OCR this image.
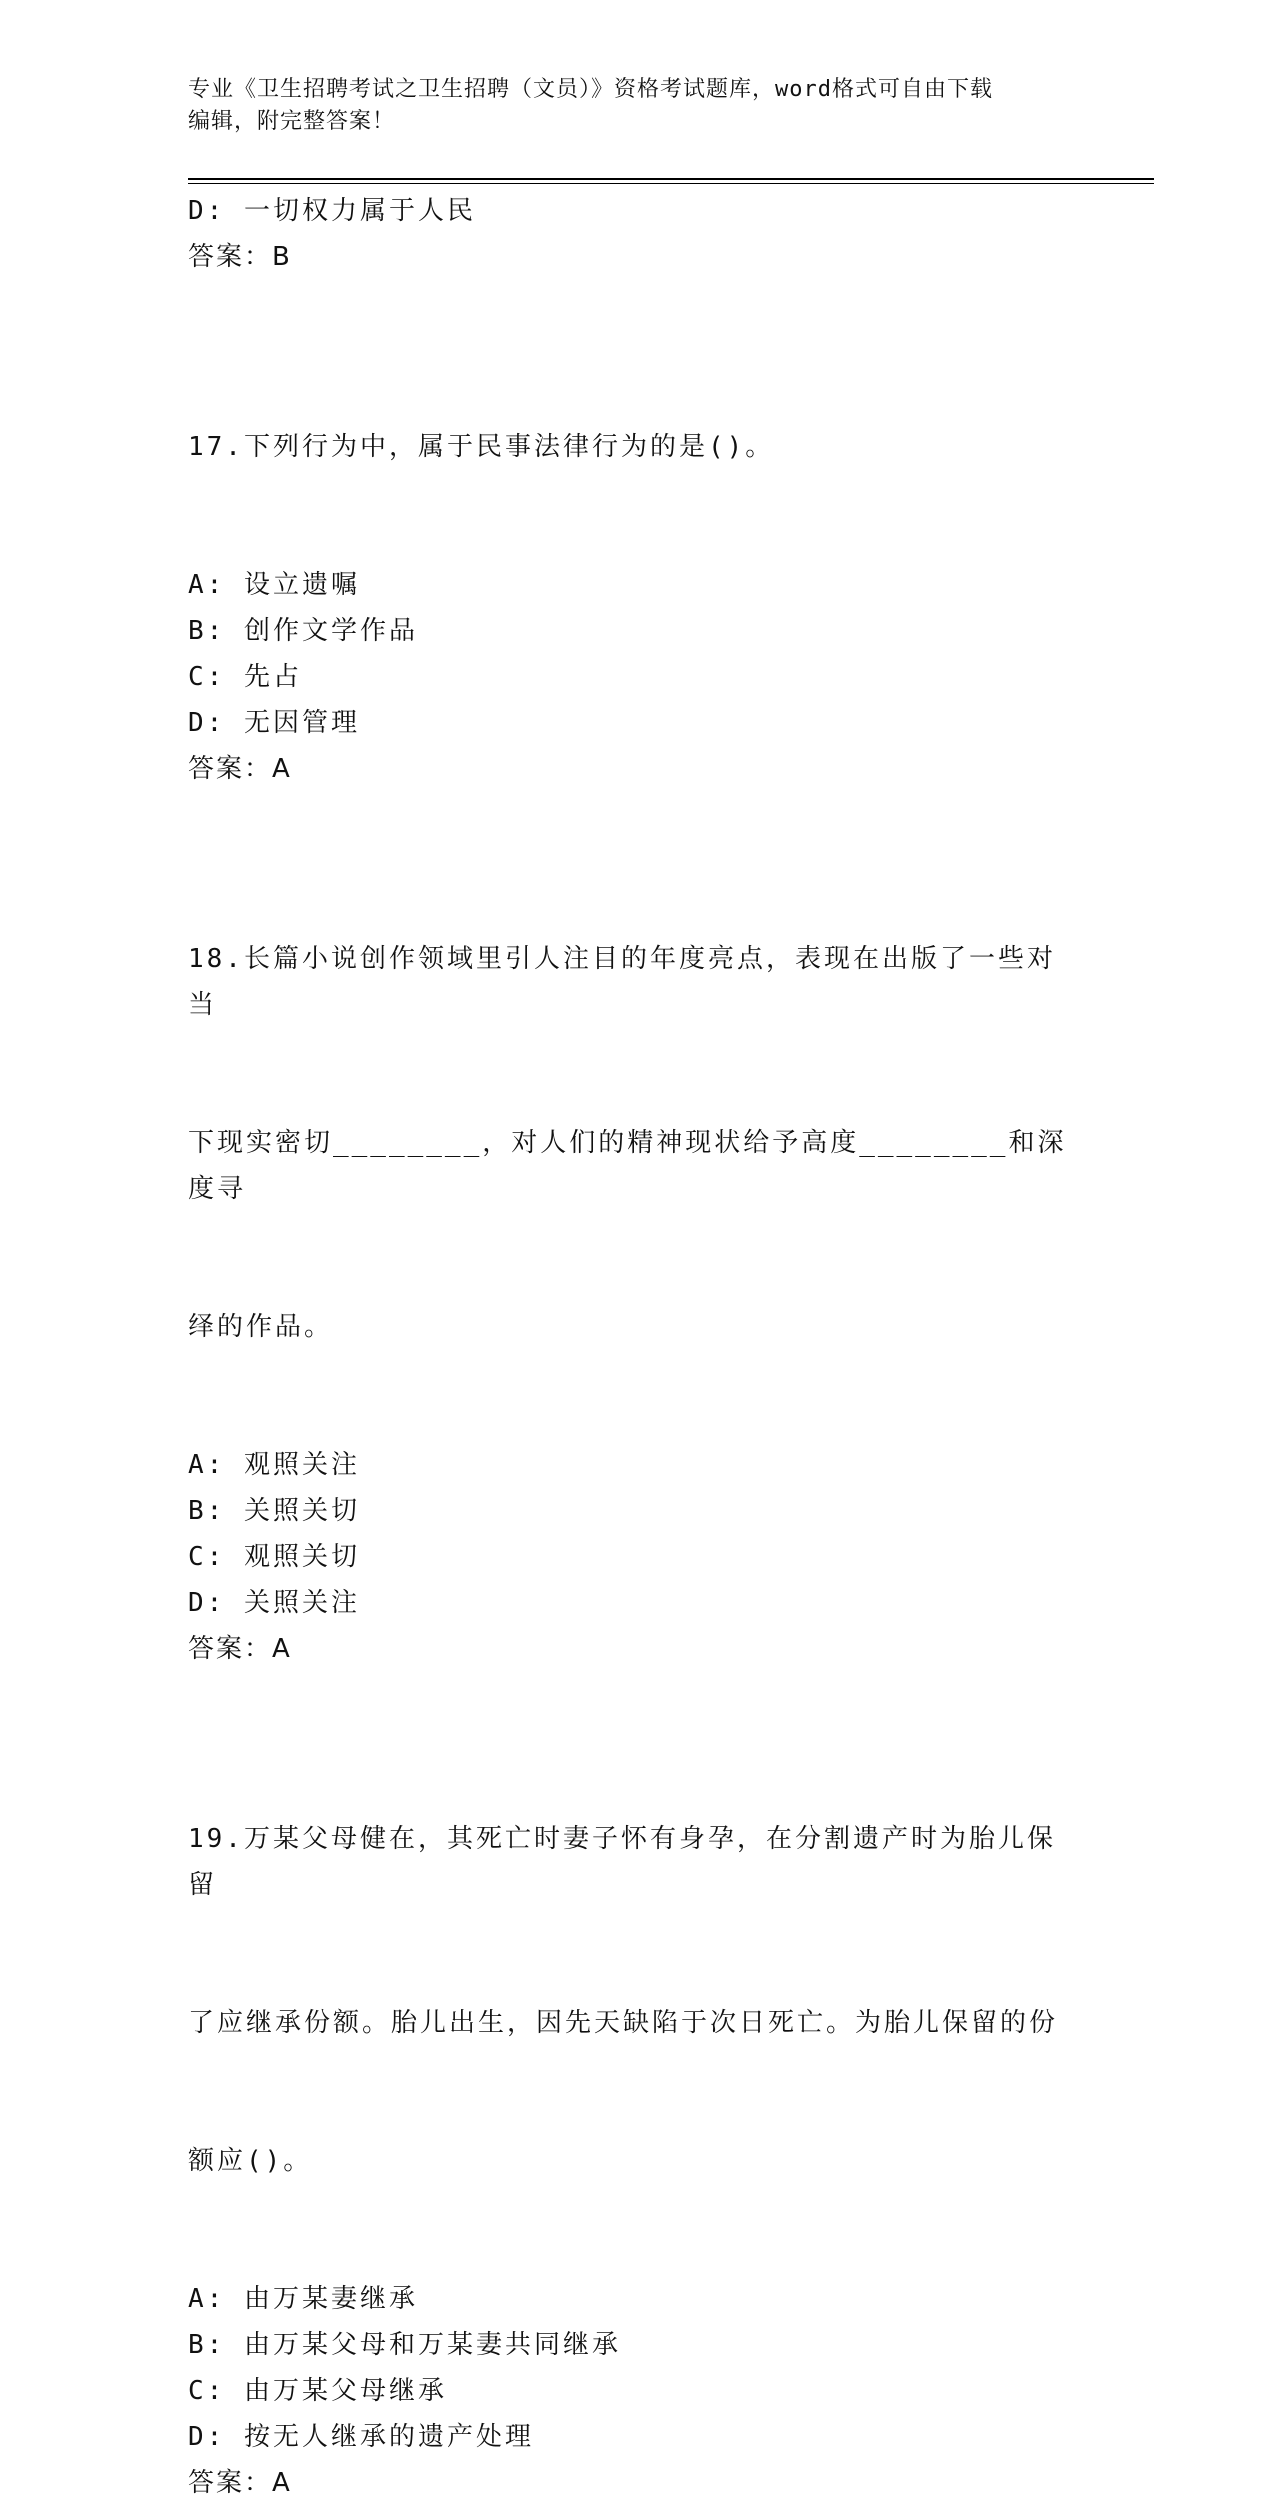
专业《卫生招聘考试之卫生招聘（文员）》资格考试题库，word格式可自由下载
编辑，附完整答案！
D: 一切权力属于人民
答案：B

17.下列行为中，属于民事法律行为的是()。

A: 设立遗嘱
B: 创作文学作品
C: 先占
D: 无因管理
答案：A

18.长篇小说创作领域里引人注目的年度亮点，表现在出版了一些对当

下现实密切________，对人们的精神现状给予高度________和深度寻

绎的作品。

A: 观照关注
B: 关照关切
C: 观照关切
D: 关照关注
答案：A

19.万某父母健在，其死亡时妻子怀有身孕，在分割遗产时为胎儿保留

了应继承份额。胎儿出生，因先天缺陷于次日死亡。为胎儿保留的份

额应()。

A: 由万某妻继承
B: 由万某父母和万某妻共同继承
C: 由万某父母继承
D: 按无人继承的遗产处理
答案：A
